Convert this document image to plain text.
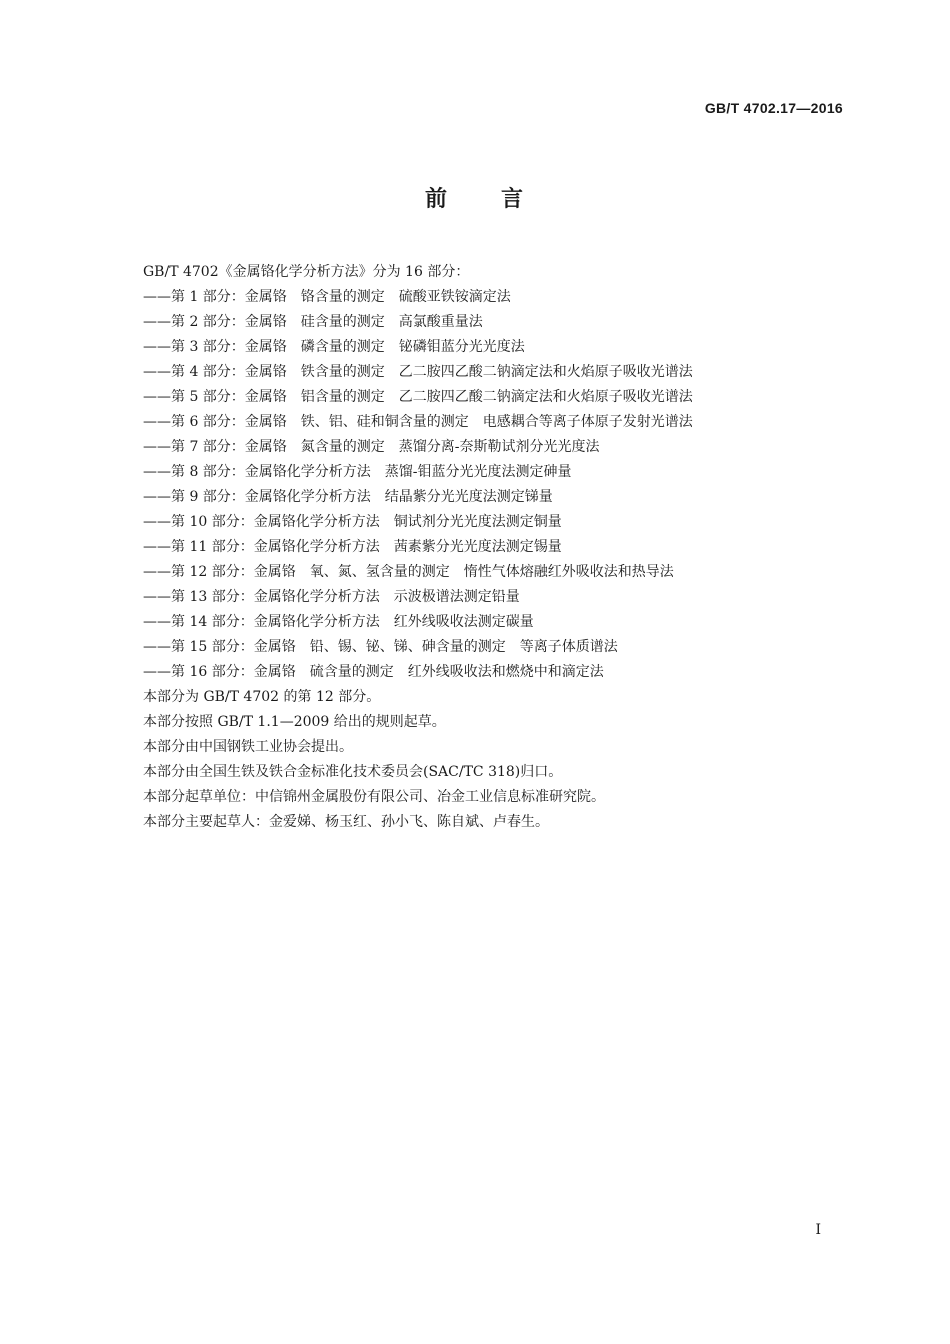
GB/T 4702.17—2016
前 言
GB/T 4702《金属铬化学分析方法》分为 16 部分：
——第 1 部分：金属铬　铬含量的测定　硫酸亚铁铵滴定法
——第 2 部分：金属铬　硅含量的测定　高氯酸重量法
——第 3 部分：金属铬　磷含量的测定　铋磷钼蓝分光光度法
——第 4 部分：金属铬　铁含量的测定　乙二胺四乙酸二钠滴定法和火焰原子吸收光谱法
——第 5 部分：金属铬　铝含量的测定　乙二胺四乙酸二钠滴定法和火焰原子吸收光谱法
——第 6 部分：金属铬　铁、铝、硅和铜含量的测定　电感耦合等离子体原子发射光谱法
——第 7 部分：金属铬　氮含量的测定　蒸馏分离-奈斯勒试剂分光光度法
——第 8 部分：金属铬化学分析方法　蒸馏-钼蓝分光光度法测定砷量
——第 9 部分：金属铬化学分析方法　结晶紫分光光度法测定锑量
——第 10 部分：金属铬化学分析方法　铜试剂分光光度法测定铜量
——第 11 部分：金属铬化学分析方法　茜素紫分光光度法测定锡量
——第 12 部分：金属铬　氧、氮、氢含量的测定　惰性气体熔融红外吸收法和热导法
——第 13 部分：金属铬化学分析方法　示波极谱法测定铅量
——第 14 部分：金属铬化学分析方法　红外线吸收法测定碳量
——第 15 部分：金属铬　铅、锡、铋、锑、砷含量的测定　等离子体质谱法
——第 16 部分：金属铬　硫含量的测定　红外线吸收法和燃烧中和滴定法
本部分为 GB/T 4702 的第 12 部分。
本部分按照 GB/T 1.1—2009 给出的规则起草。
本部分由中国钢铁工业协会提出。
本部分由全国生铁及铁合金标准化技术委员会(SAC/TC 318)归口。
本部分起草单位：中信锦州金属股份有限公司、冶金工业信息标准研究院。
本部分主要起草人：金爱娣、杨玉红、孙小飞、陈自斌、卢春生。
I
